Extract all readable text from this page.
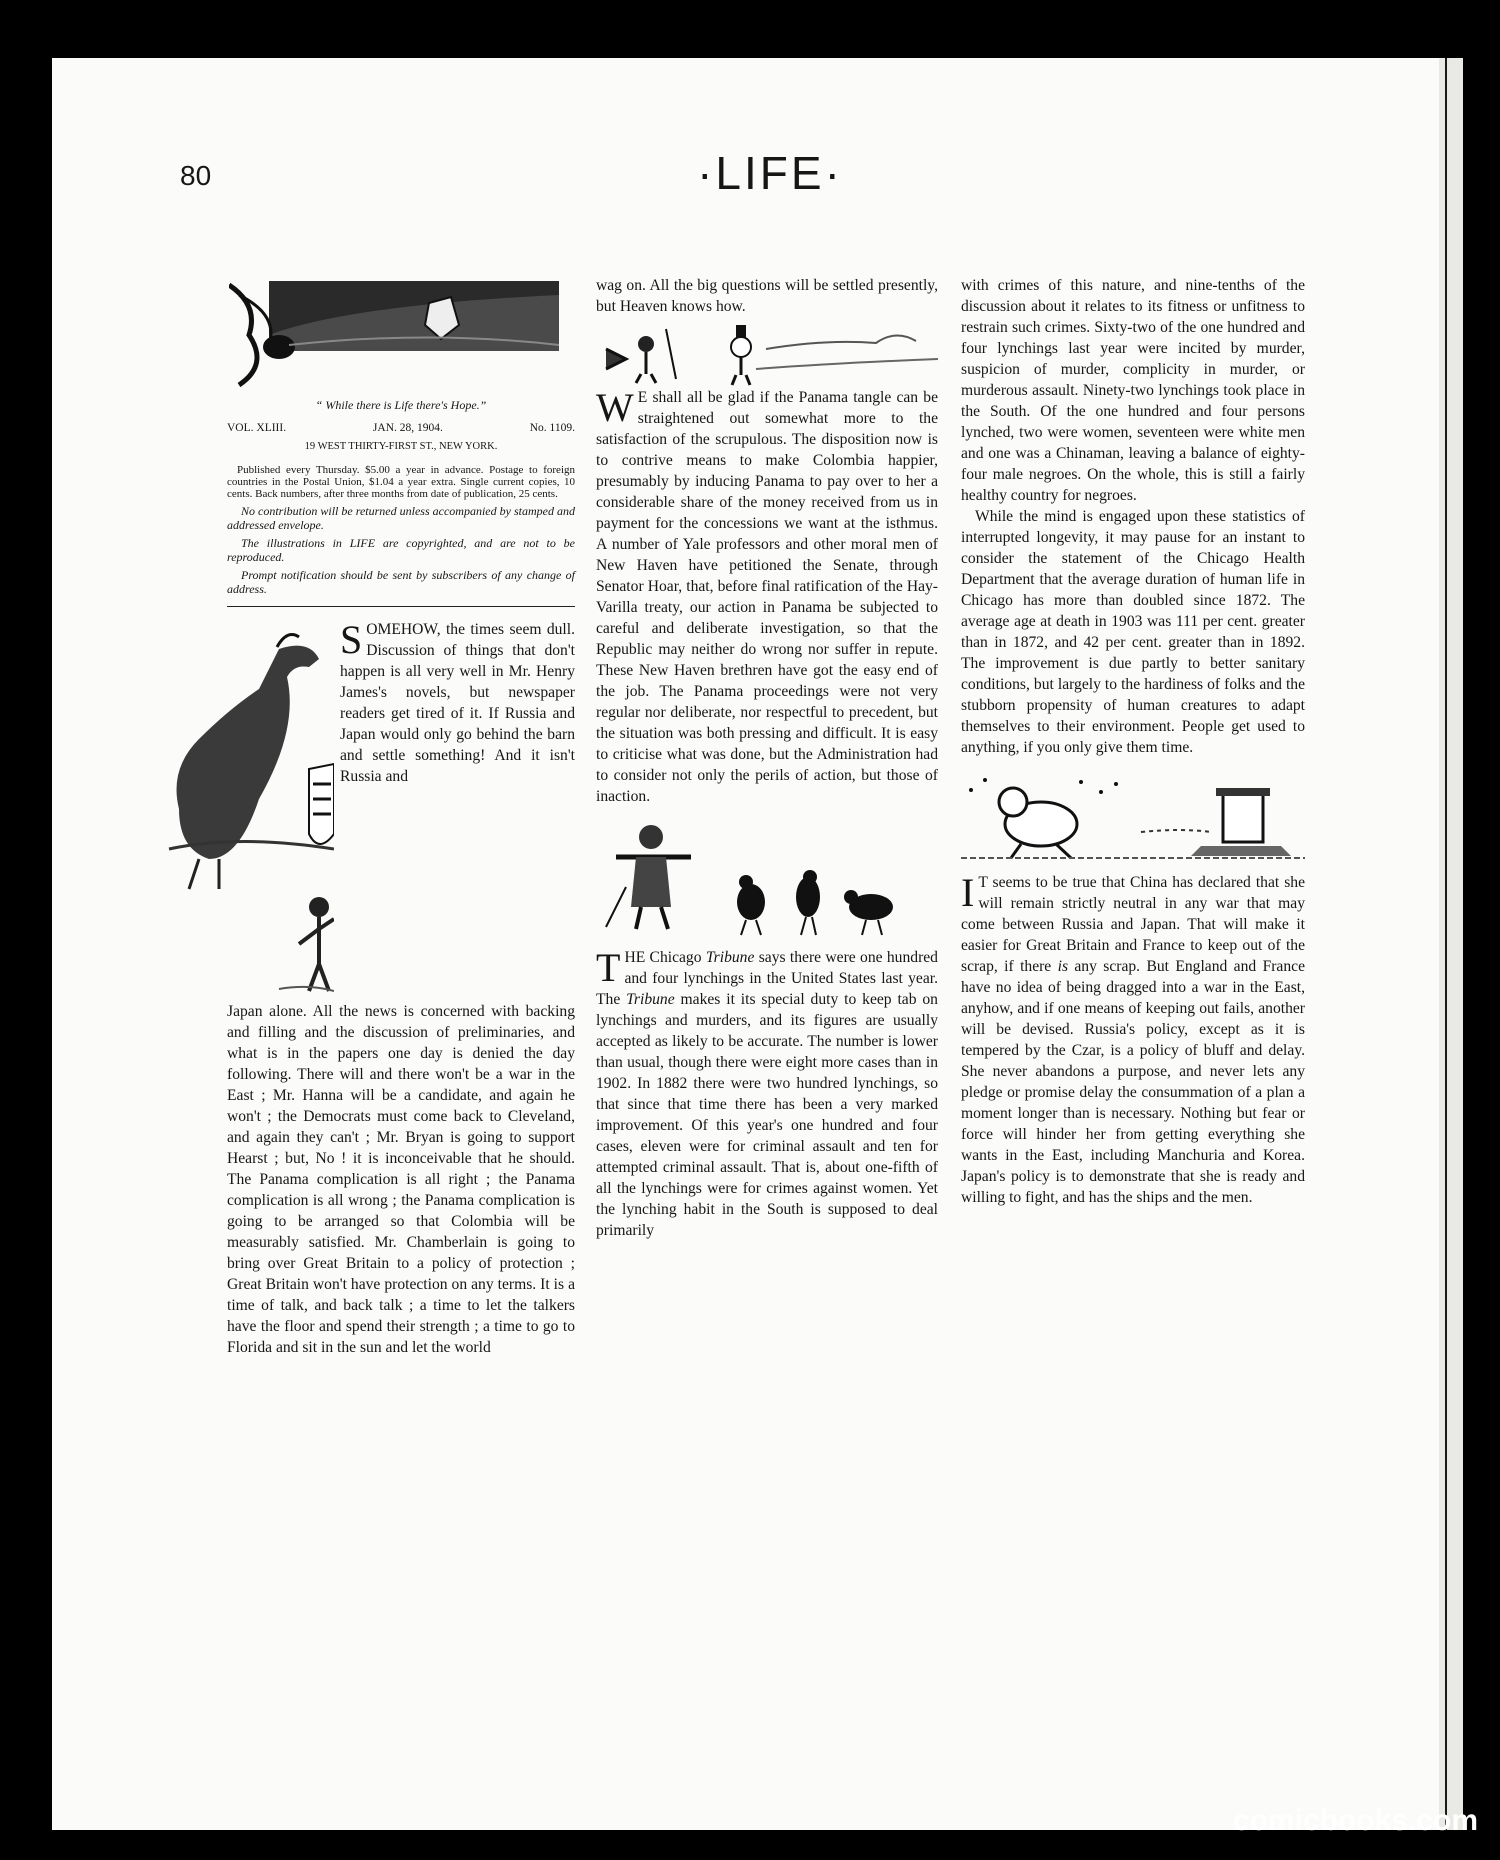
80	·LIFE·

“ While there is Life there's Hope.”

VOL. XLIII.	JAN. 28, 1904.	No. 1109.

19 WEST THIRTY-FIRST ST., NEW YORK.

Published every Thursday. $5.00 a year in advance. Postage to foreign countries in the Postal Union, $1.04 a year extra. Single current copies, 10 cents. Back numbers, after three months from date of publication, 25 cents.

No contribution will be returned unless accompanied by stamped and addressed envelope.

The illustrations in LIFE are copyrighted, and are not to be reproduced.

Prompt notification should be sent by subscribers of any change of address.

SOMEHOW, the times seem dull. Discussion of things that don't happen is all very well in Mr. Henry James's novels, but newspaper readers get tired of it. If Russia and Japan would only go behind the barn and settle something! And it isn't Russia and

Japan alone. All the news is concerned with backing and filling and the discussion of preliminaries, and what is in the papers one day is denied the day following. There will and there won't be a war in the East ; Mr. Hanna will be a candidate, and again he won't ; the Democrats must come back to Cleveland, and again they can't ; Mr. Bryan is going to support Hearst ; but, No ! it is inconceivable that he should. The Panama complication is all right ; the Panama complication is all wrong ; the Panama complication is going to be arranged so that Colombia will be measurably satisfied. Mr. Chamberlain is going to bring over Great Britain to a policy of protection ; Great Britain won't have protection on any terms. It is a time of talk, and back talk ; a time to let the talkers have the floor and spend their strength ; a time to go to Florida and sit in the sun and let the world

wag on. All the big questions will be settled presently, but Heaven knows how.

W E shall all be glad if the Panama tangle can be straightened out somewhat more to the satisfaction of the scrupulous. The disposition now is to contrive means to make Colombia happier, presumably by inducing Panama to pay over to her a considerable share of the money received from us in payment for the concessions we want at the isthmus. A number of Yale professors and other moral men of New Haven have petitioned the Senate, through Senator Hoar, that, before final ratification of the Hay-Varilla treaty, our action in Panama be subjected to careful and deliberate investigation, so that the Republic may neither do wrong nor suffer in repute. These New Haven brethren have got the easy end of the job. The Panama proceedings were not very regular nor deliberate, nor respectful to precedent, but the situation was both pressing and difficult. It is easy to criticise what was done, but the Administration had to consider not only the perils of action, but those of inaction.

THE Chicago Tribune says there were one hundred and four lynchings in the United States last year. The Tribune makes it its special duty to keep tab on lynchings and murders, and its figures are usually accepted as likely to be accurate. The number is lower than usual, though there were eight more cases than in 1902. In 1882 there were two hundred lynchings, so that since that time there has been a very marked improvement. Of this year's one hundred and four cases, eleven were for criminal assault and ten for attempted criminal assault. That is, about one-fifth of all the lynchings were for crimes against women. Yet the lynching habit in the South is supposed to deal primarily

with crimes of this nature, and nine-tenths of the discussion about it relates to its fitness or unfitness to restrain such crimes. Sixty-two of the one hundred and four lynchings last year were incited by murder, suspicion of murder, complicity in murder, or murderous assault. Ninety-two lynchings took place in the South. Of the one hundred and four persons lynched, two were women, seventeen were white men and one was a Chinaman, leaving a balance of eighty-four male negroes. On the whole, this is still a fairly healthy country for negroes.

While the mind is engaged upon these statistics of interrupted longevity, it may pause for an instant to consider the statement of the Chicago Health Department that the average duration of human life in Chicago has more than doubled since 1872. The average age at death in 1903 was 111 per cent. greater than in 1872, and 42 per cent. greater than in 1892. The improvement is due partly to better sanitary conditions, but largely to the hardiness of folks and the stubborn propensity of human creatures to adapt themselves to their environment. People get used to anything, if you only give them time.

I T seems to be true that China has declared that she will remain strictly neutral in any war that may come between Russia and Japan. That will make it easier for Great Britain and France to keep out of the scrap, if there is any scrap. But England and France have no idea of being dragged into a war in the East, anyhow, and if one means of keeping out fails, another will be devised. Russia's policy, except as it is tempered by the Czar, is a policy of bluff and delay. She never abandons a purpose, and never lets any pledge or promise delay the consummation of a plan a moment longer than is necessary. Nothing but fear or force will hinder her from getting everything she wants in the East, including Manchuria and Korea. Japan's policy is to demonstrate that she is ready and willing to fight, and has the ships and the men.

comicbooks.com
